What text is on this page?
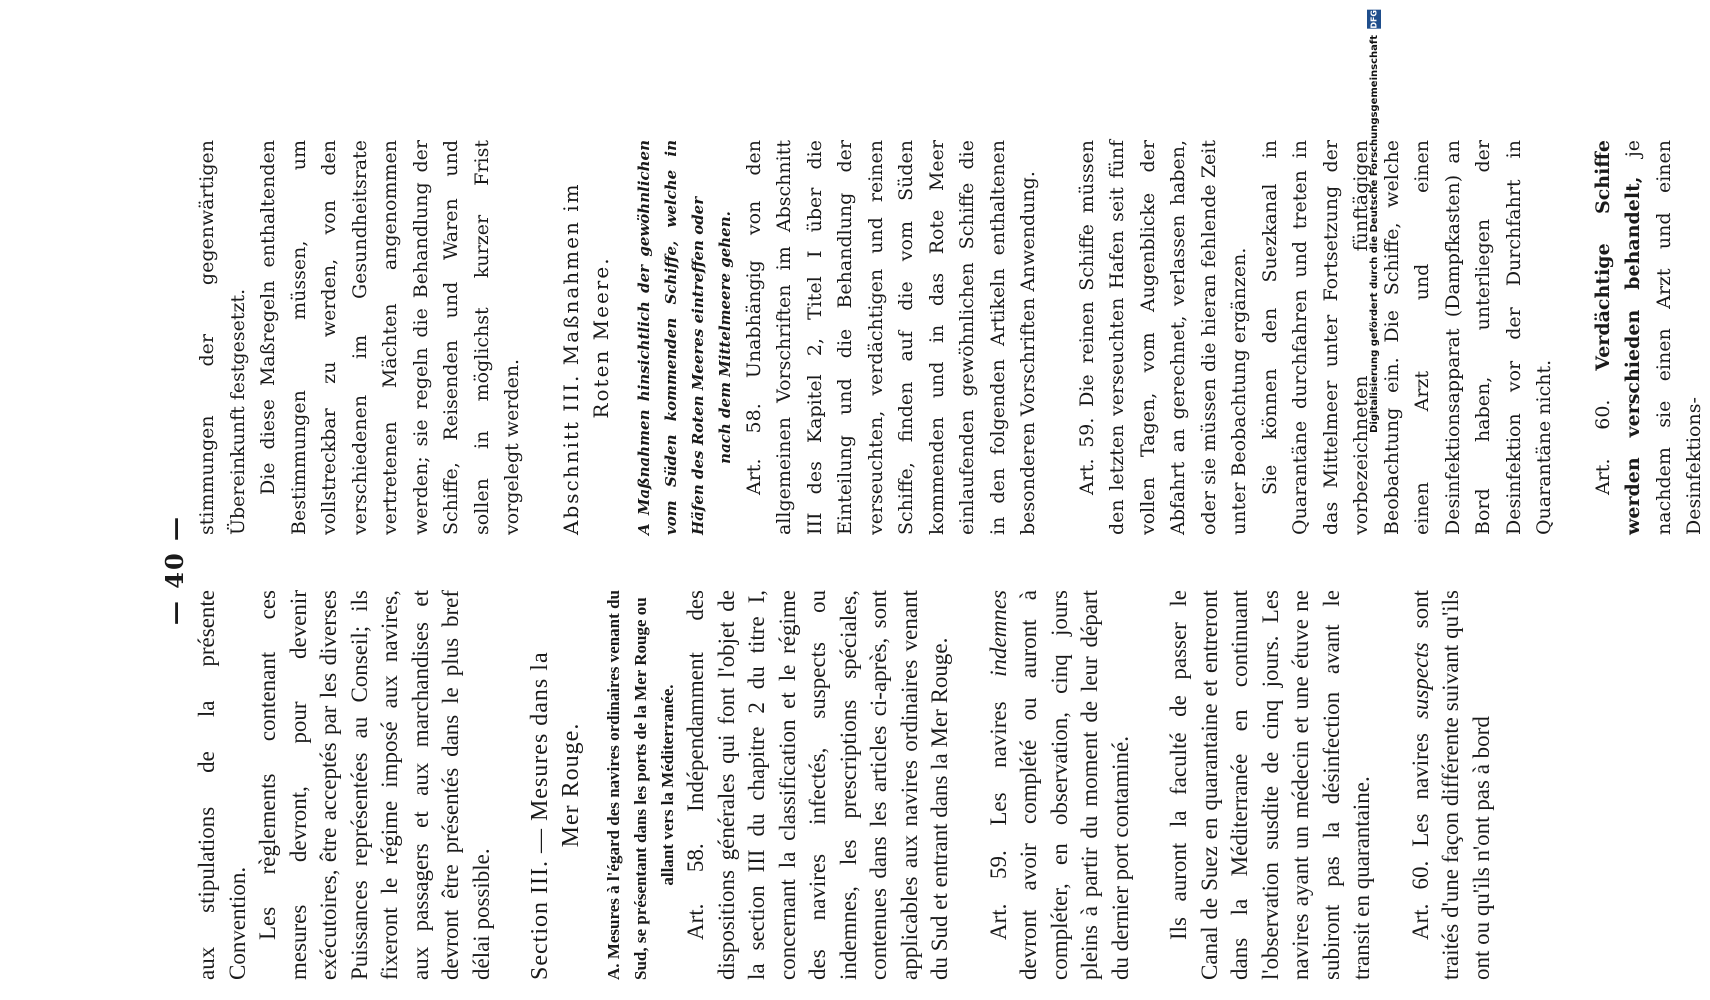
— 40 —

aux stipulations de la présente Convention. Les règlements contenant ces mesures devront, pour devenir exécutoires, être acceptés par les diverses Puissances représentées au Conseil; ils fixeront le régime imposé aux navires, aux passagers et aux marchandises et devront être présentés dans le plus bref délai possible. Section III. — Mesures dans la Mer Rouge. A. Mesures à l'égard des navires ordinaires venant du Sud, se présentant dans les ports de la Mer Rouge ou allant vers la Méditerranée. Art. 58. Indépendamment des dispositions générales qui font l'objet de la section III du chapitre 2 du titre I, concernant la classification et le régime des navires infectés, suspects ou indemnes, les prescriptions spéciales, contenues dans les articles ci-après, sont applicables aux navires ordinaires venant du Sud et entrant dans la Mer Rouge. Art. 59. Les navires indemnes devront avoir complété ou auront à compléter, en observation, cinq jours pleins à partir du moment de leur départ du dernier port contaminé. Ils auront la faculté de passer le Canal de Suez en quarantaine et entreront dans la Méditerranée en continuant l'observation susdite de cinq jours. Les navires ayant un médecin et une étuve ne subiront pas la désinfection avant le transit en quarantaine. Art. 60. Les navires suspects sont traités d'une façon différente suivant qu'ils ont ou qu'ils n'ont pas à bord

stimmungen der gegenwärtigen Übereinkunft festgesetzt. Die diese Maßregeln enthaltenden Bestimmungen müssen, um vollstreckbar zu werden, von den verschiedenen im Gesundheitsrate vertretenen Mächten angenommen werden; sie regeln die Behandlung der Schiffe, Reisenden und Waren und sollen in möglichst kurzer Frist vorgelegt werden. Abschnitt III. Maßnahmen im Roten Meere. A Maßnahmen hinsichtlich der gewöhnlichen vom Süden kommenden Schiffe, welche in Häfen des Roten Meeres eintreffen oder nach dem Mittelmeere gehen. Art. 58. Unabhängig von den allgemeinen Vorschriften im Abschnitt III des Kapitel 2, Titel I über die Einteilung und die Behandlung der verseuchten, verdächtigen und reinen Schiffe, finden auf die vom Süden kommenden und in das Rote Meer einlaufenden gewöhnlichen Schiffe die in den folgenden Artikeln enthaltenen besonderen Vorschriften Anwendung. Art. 59. Die reinen Schiffe müssen den letzten verseuchten Hafen seit fünf vollen Tagen, vom Augenblicke der Abfahrt an gerechnet, verlassen haben, oder sie müssen die hieran fehlende Zeit unter Beobachtung ergänzen. Sie können den Suezkanal in Quarantäne durchfahren und treten in das Mittelmeer unter Fortsetzung der vorbezeichneten fünftägigen Beobachtung ein. Die Schiffe, welche einen Arzt und einen Desinfektionsapparat (Dampfkasten) an Bord haben, unterliegen der Desinfektion vor der Durchfahrt in Quarantäne nicht. Art. 60. Verdächtige Schiffe werden verschieden behandelt, je nachdem sie einen Arzt und einen Desinfektions-

DFG
Digitalisierung gefördert durch die Deutsche Forschungsgemeinschaft
